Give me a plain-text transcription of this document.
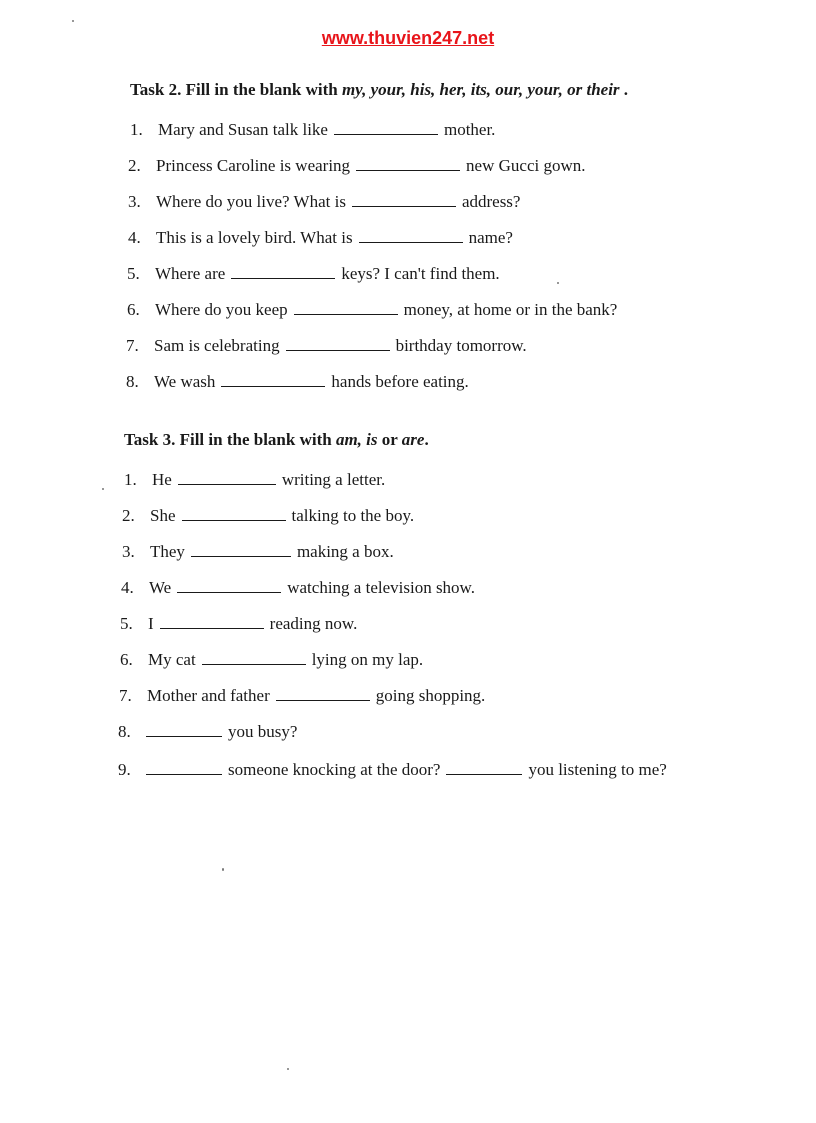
www.thuvien247.net
Task 2. Fill in the blank with my, your, his, her, its, our, your, or their .
1. Mary and Susan talk like	mother.
2. Princess Caroline is wearing	new Gucci gown.
3. Where do you live? What is	address?
4. This is a lovely bird. What is	name?
5. Where are	keys? I can't find them.
6. Where do you keep	money, at home or in the bank?
7. Sam is celebrating	birthday tomorrow.
8. We wash	hands before eating.
Task 3. Fill in the blank with am, is or are.
1. He	writing a letter.
2. She	talking to the boy.
3. They	making a box.
4. We	watching a television show.
5. I	reading now.
6. My cat	lying on my lap.
7. Mother and father	going shopping.
8.	you busy?
9.	someone knocking at the door?	you listening to me?
